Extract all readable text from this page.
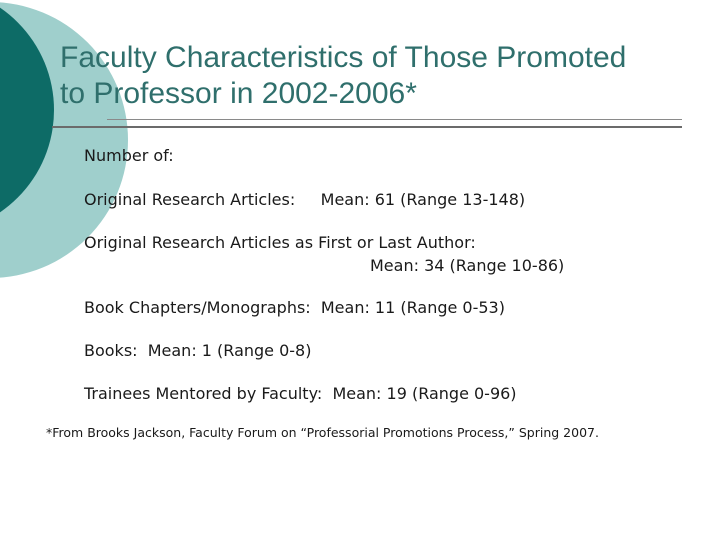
Faculty Characteristics of Those Promoted
to Professor in 2002-2006*
Number of:
Original Research Articles:     Mean: 61 (Range 13-148)
Original Research Articles as First or Last Author:
Mean: 34 (Range 10-86)
Book Chapters/Monographs:  Mean: 11 (Range 0-53)
Books:  Mean: 1 (Range 0-8)
Trainees Mentored by Faculty:  Mean: 19 (Range 0-96)
*From Brooks Jackson, Faculty Forum on “Professorial Promotions Process,” Spring 2007.
